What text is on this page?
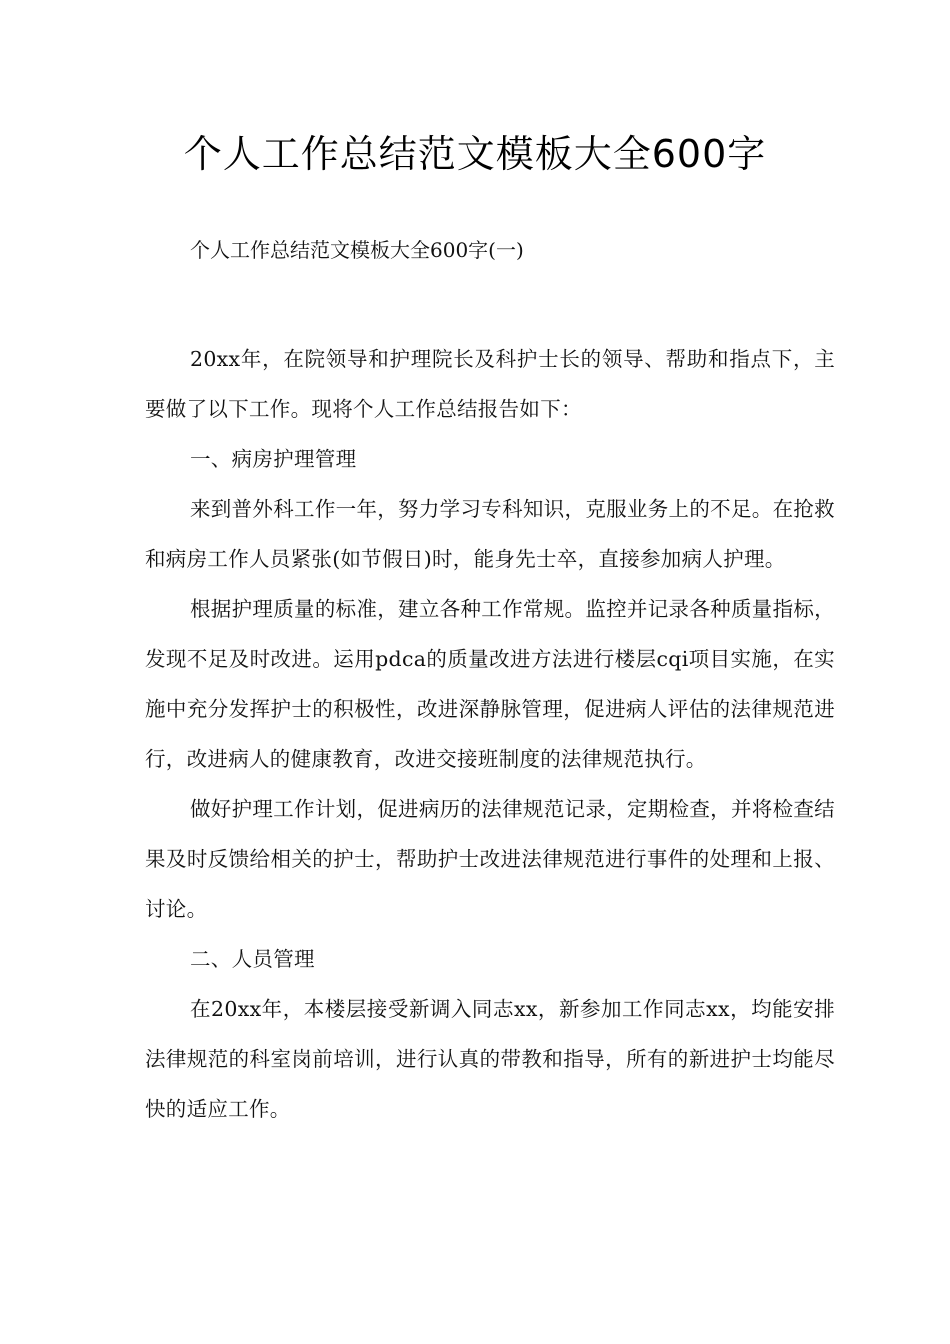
个人工作总结范文模板大全600字

个人工作总结范文模板大全600字(一)

20xx年，在院领导和护理院长及科护士长的领导、帮助和指点下，主要做了以下工作。现将个人工作总结报告如下：

一、病房护理管理

来到普外科工作一年，努力学习专科知识，克服业务上的不足。在抢救和病房工作人员紧张(如节假日)时，能身先士卒，直接参加病人护理。

根据护理质量的标准，建立各种工作常规。监控并记录各种质量指标，发现不足及时改进。运用pdca的质量改进方法进行楼层cqi项目实施，在实施中充分发挥护士的积极性，改进深静脉管理，促进病人评估的法律规范进行，改进病人的健康教育，改进交接班制度的法律规范执行。

做好护理工作计划，促进病历的法律规范记录，定期检查，并将检查结果及时反馈给相关的护士，帮助护士改进法律规范进行事件的处理和上报、讨论。

二、人员管理

在20xx年，本楼层接受新调入同志xx，新参加工作同志xx，均能安排法律规范的科室岗前培训，进行认真的带教和指导，所有的新进护士均能尽快的适应工作。
